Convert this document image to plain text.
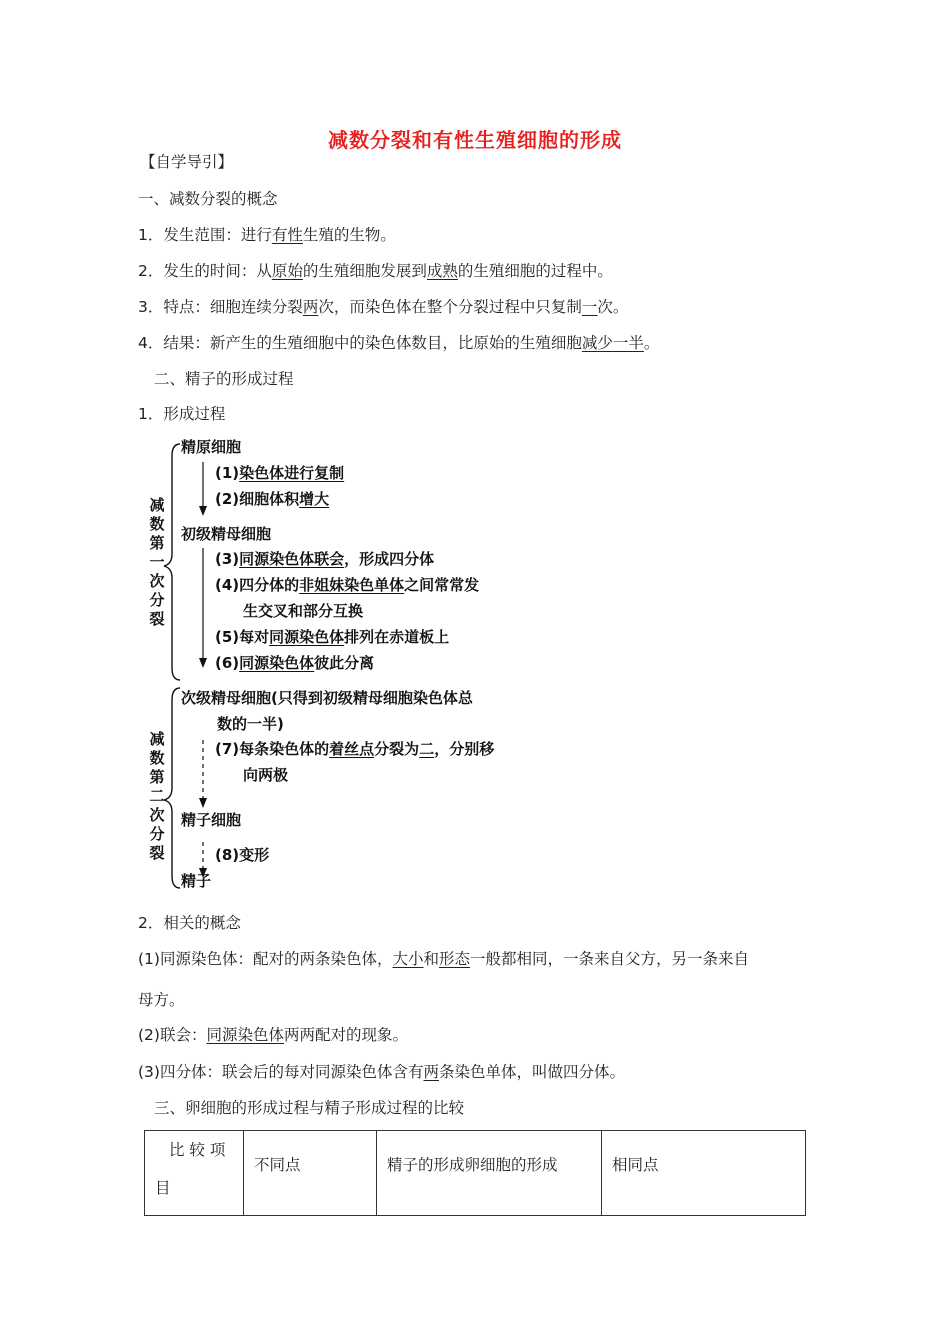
减数分裂和有性生殖细胞的形成
【自学导引】
一、减数分裂的概念
1．发生范围：进行有性生殖的生物。
2．发生的时间：从原始的生殖细胞发展到成熟的生殖细胞的过程中。
3．特点：细胞连续分裂两次，而染色体在整个分裂过程中只复制一次。
4．结果：新产生的生殖细胞中的染色体数目，比原始的生殖细胞减少一半。
二、精子的形成过程
1．形成过程
减数第一次分裂
减数第二次分裂
精原细胞
(1)染色体进行复制
(2)细胞体积增大
初级精母细胞
(3)同源染色体联会，形成四分体
(4)四分体的非姐妹染色单体之间常常发
生交叉和部分互换
(5)每对同源染色体排列在赤道板上
(6)同源染色体彼此分离
次级精母细胞(只得到初级精母细胞染色体总
数的一半)
(7)每条染色体的着丝点分裂为二，分别移
向两极
精子细胞
(8)变形
精子
2．相关的概念
(1)同源染色体：配对的两条染色体，大小和形态一般都相同，一条来自父方，另一条来自
母方。
(2)联会：同源染色体两两配对的现象。
(3)四分体：联会后的每对同源染色体含有两条染色单体，叫做四分体。
三、卵细胞的形成过程与精子形成过程的比较
比 较 项
目
	不同点	精子的形成卵细胞的形成	相同点
